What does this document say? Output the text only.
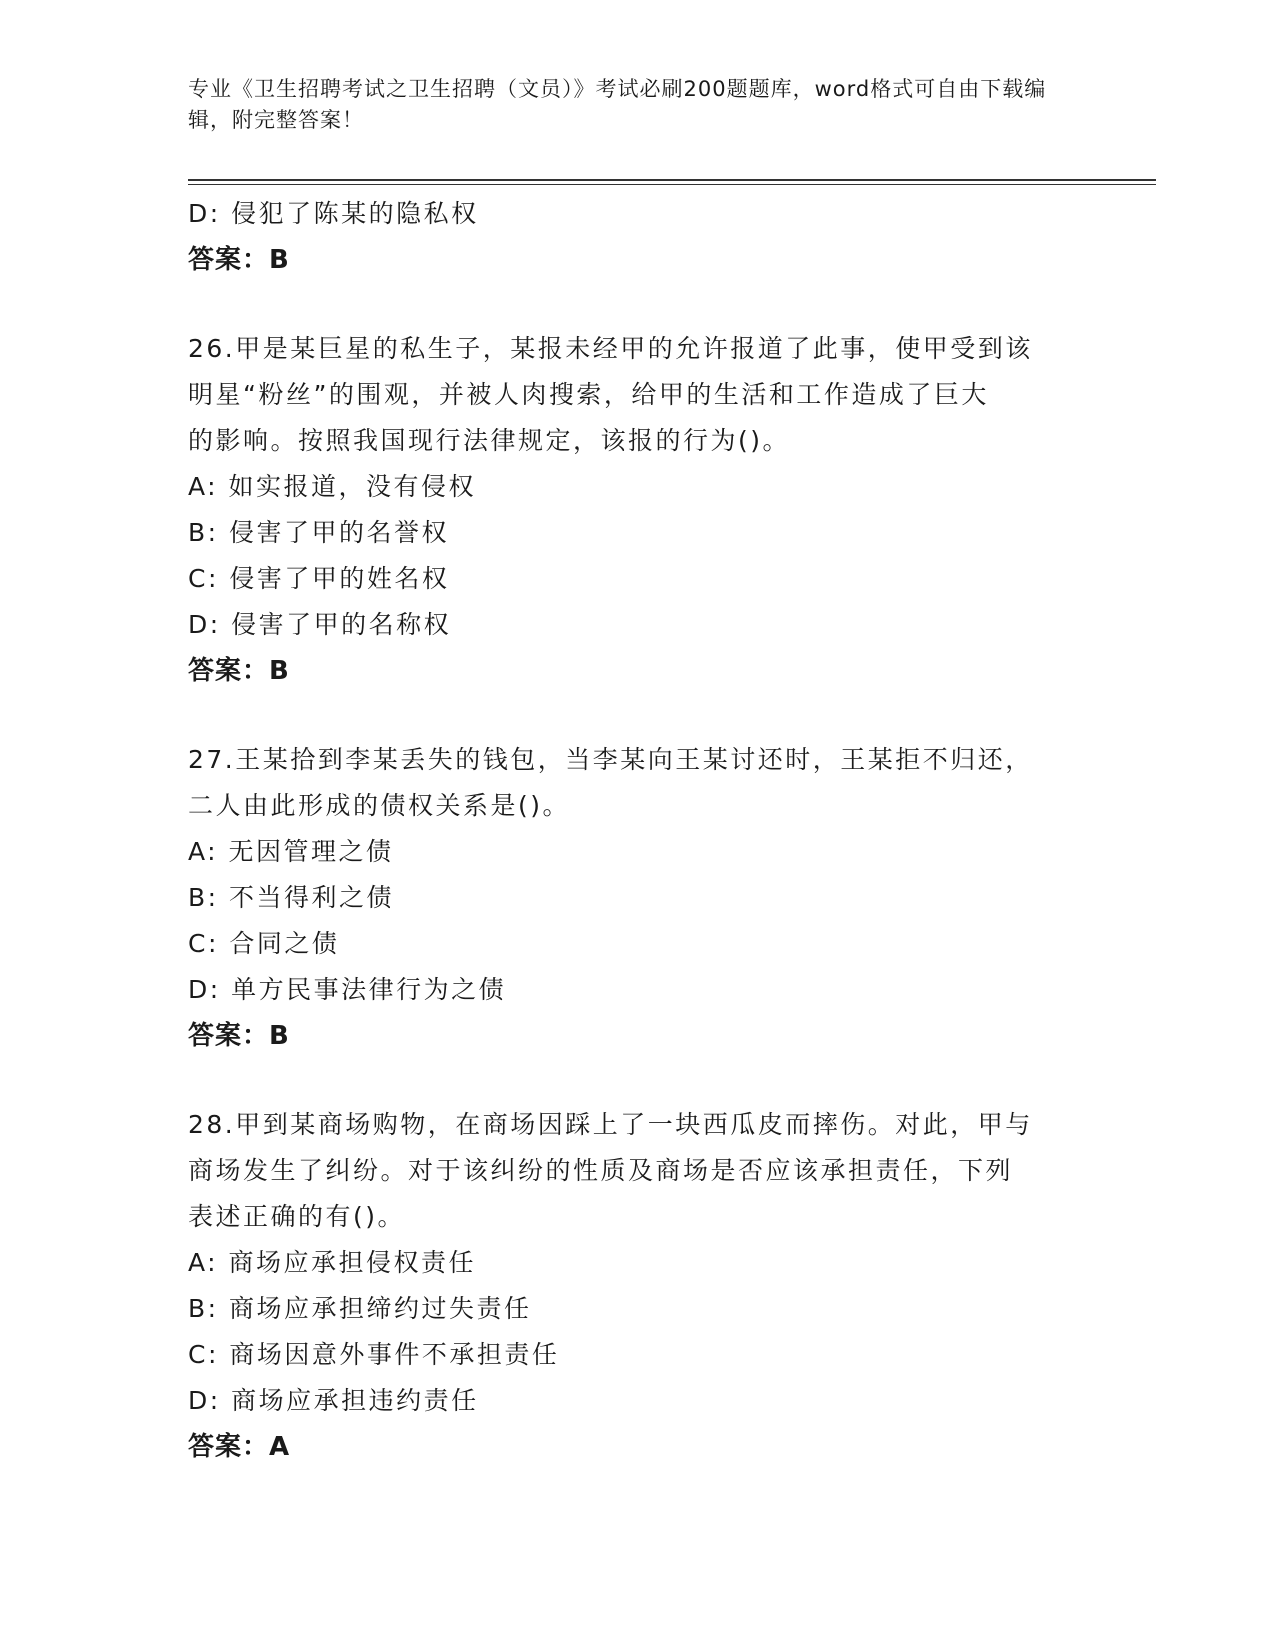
专业《卫生招聘考试之卫生招聘（文员）》考试必刷200题题库，word格式可自由下载编辑，附完整答案！
D: 侵犯了陈某的隐私权
答案：B
26.甲是某巨星的私生子，某报未经甲的允许报道了此事，使甲受到该
明星“粉丝”的围观，并被人肉搜索，给甲的生活和工作造成了巨大
的影响。按照我国现行法律规定，该报的行为()。
A: 如实报道，没有侵权
B: 侵害了甲的名誉权
C: 侵害了甲的姓名权
D: 侵害了甲的名称权
答案：B
27.王某拾到李某丢失的钱包，当李某向王某讨还时，王某拒不归还，
二人由此形成的债权关系是()。
A: 无因管理之债
B: 不当得利之债
C: 合同之债
D: 单方民事法律行为之债
答案：B
28.甲到某商场购物，在商场因踩上了一块西瓜皮而摔伤。对此，甲与
商场发生了纠纷。对于该纠纷的性质及商场是否应该承担责任，下列
表述正确的有()。
A: 商场应承担侵权责任
B: 商场应承担缔约过失责任
C: 商场因意外事件不承担责任
D: 商场应承担违约责任
答案：A
